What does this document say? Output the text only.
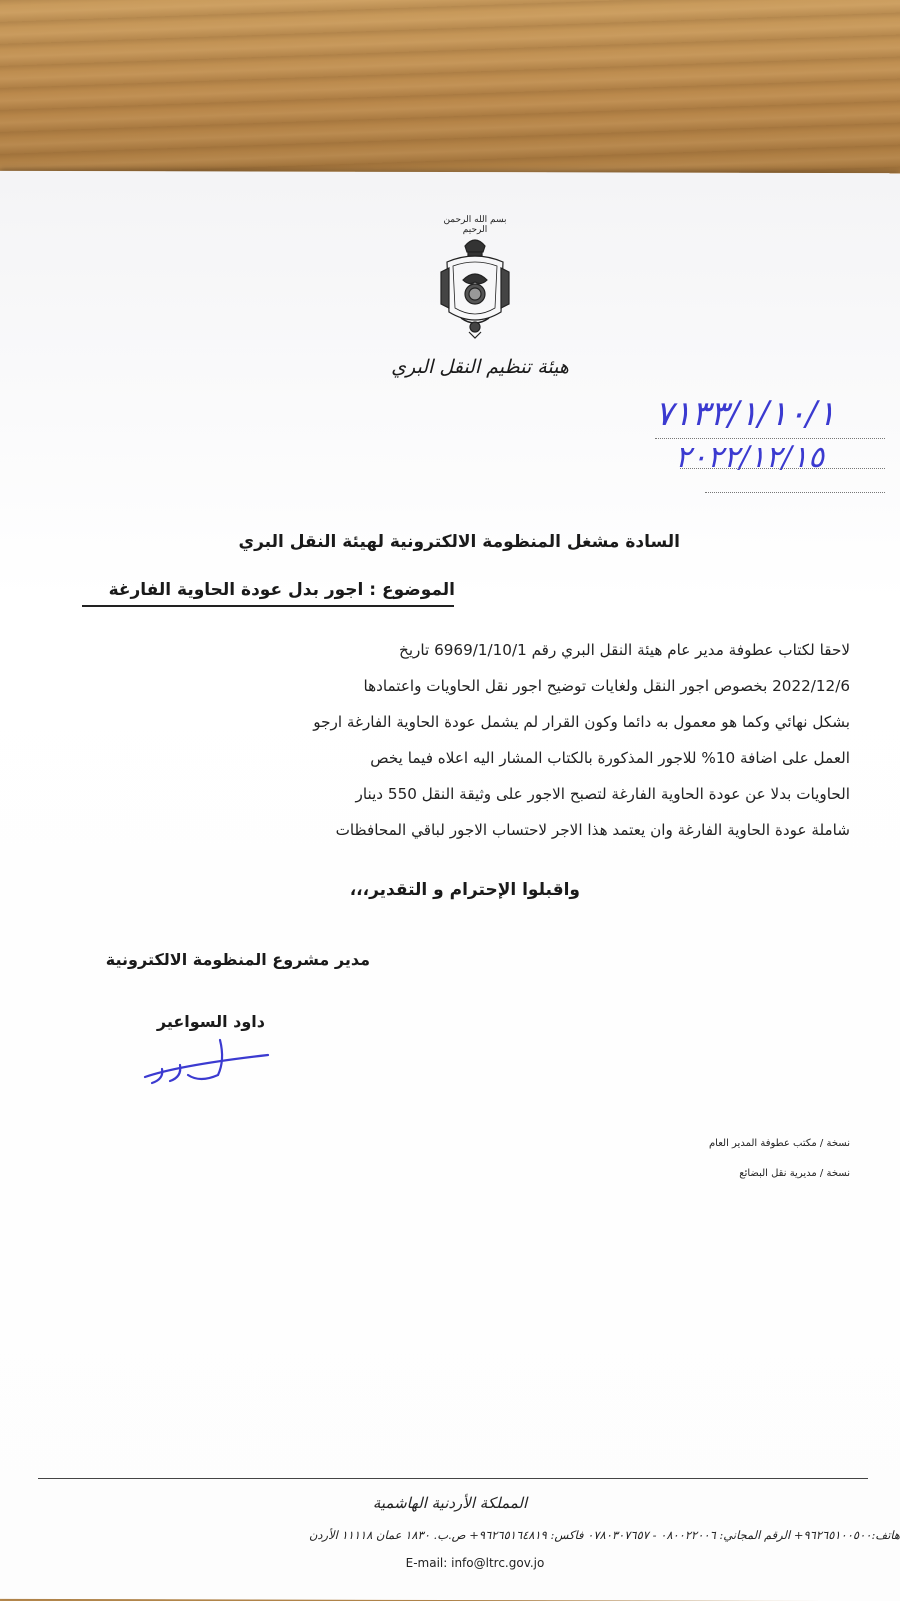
بسم الله الرحمن الرحيم
هيئة تنظيم النقل البري
٧١٣٣/١/١٠/١
٢٠٢٢/١٢/١٥
السادة مشغل المنظومة الالكترونية لهيئة النقل البري
الموضوع : اجور بدل عودة الحاوية الفارغة

لاحقا لكتاب عطوفة مدير عام هيئة النقل البري رقم 6969/1/10/1 تاريخ

2022/12/6 بخصوص اجور النقل ولغايات توضيح اجور نقل الحاويات واعتمادها

بشكل نهائي وكما هو معمول به دائما وكون القرار لم يشمل عودة الحاوية الفارغة ارجو

العمل على اضافة 10% للاجور المذكورة بالكتاب المشار اليه اعلاه فيما يخص

الحاويات بدلا عن عودة الحاوية الفارغة لتصبح الاجور على وثيقة النقل 550 دينار

شاملة عودة الحاوية الفارغة وان يعتمد هذا الاجر لاحتساب الاجور لباقي المحافظات

واقبلوا الإحترام و التقدير،،،
مدير مشروع المنظومة الالكترونية
داود السواعير
نسخة / مكتب عطوفة المدير العام
نسخة / مديرية نقل البضائع
المملكة الأردنية الهاشمية
هاتف:٩٦٢٦٥١٠٠٥٠٠+ الرقم المجاني: ٠٨٠٠٢٢٠٠٦ - ٠٧٨٠٣٠٧٦٥٧ فاكس: ٩٦٢٦٥١٦٤٨١٩+ ص.ب. ١٨٣٠ عمان ١١١١٨ الأردن
E-mail: info@ltrc.gov.jo
